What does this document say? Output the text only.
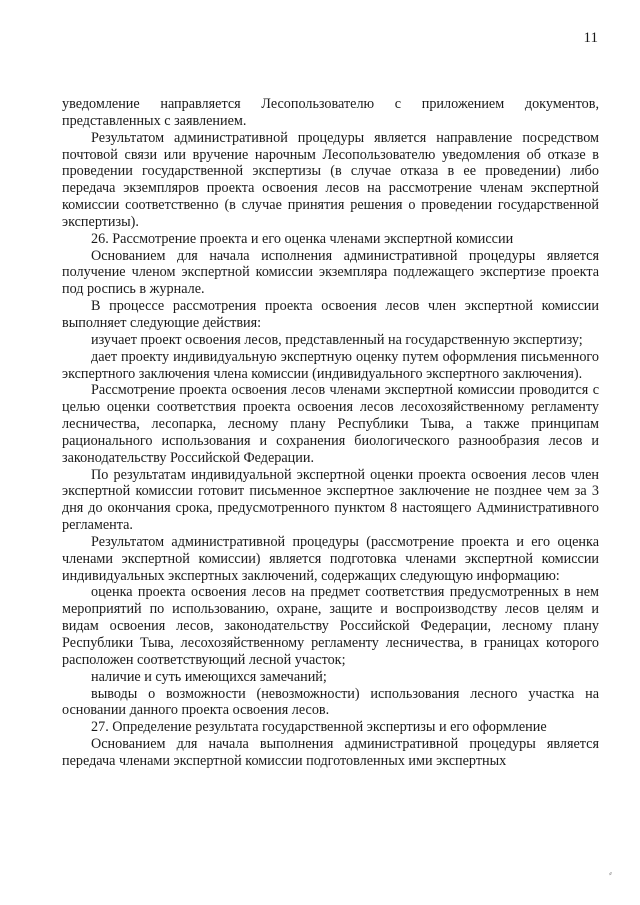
11

уведомление направляется Лесопользователю с приложением документов, представленных с заявлением.

Результатом административной процедуры является направление посредством почтовой связи или вручение нарочным Лесопользователю уведомления об отказе в проведении государственной экспертизы (в случае отказа в ее проведении) либо передача экземпляров проекта освоения лесов на рассмотрение членам экспертной комиссии соответственно (в случае принятия решения о проведении государственной экспертизы).

26. Рассмотрение проекта и его оценка членами экспертной комиссии

Основанием для начала исполнения административной процедуры является получение членом экспертной комиссии экземпляра подлежащего экспертизе проекта под роспись в журнале.

В процессе рассмотрения проекта освоения лесов член экспертной комиссии выполняет следующие действия:

изучает проект освоения лесов, представленный на государственную экспертизу;

дает проекту индивидуальную экспертную оценку путем оформления письменного экспертного заключения члена комиссии (индивидуального экспертного заключения).

Рассмотрение проекта освоения лесов членами экспертной комиссии проводится с целью оценки соответствия проекта освоения лесов лесохозяйственному регламенту лесничества, лесопарка, лесному плану Республики Тыва, а также принципам рационального использования и сохранения биологического разнообразия лесов и законодательству Российской Федерации.

По результатам индивидуальной экспертной оценки проекта освоения лесов член экспертной комиссии готовит письменное экспертное заключение не позднее чем за 3 дня до окончания срока, предусмотренного пунктом 8 настоящего Административного регламента.

Результатом административной процедуры (рассмотрение проекта и его оценка членами экспертной комиссии) является подготовка членами экспертной комиссии индивидуальных экспертных заключений, содержащих следующую информацию:

оценка проекта освоения лесов на предмет соответствия предусмотренных в нем мероприятий по использованию, охране, защите и воспроизводству лесов целям и видам освоения лесов, законодательству Российской Федерации, лесному плану Республики Тыва, лесохозяйственному регламенту лесничества, в границах которого расположен соответствующий лесной участок;

наличие и суть имеющихся замечаний;

выводы о возможности (невозможности) использования лесного участка на основании данного проекта освоения лесов.

27. Определение результата государственной экспертизы и его оформление

Основанием для начала выполнения административной процедуры является передача членами экспертной комиссии подготовленных ими экспертных

⸗
